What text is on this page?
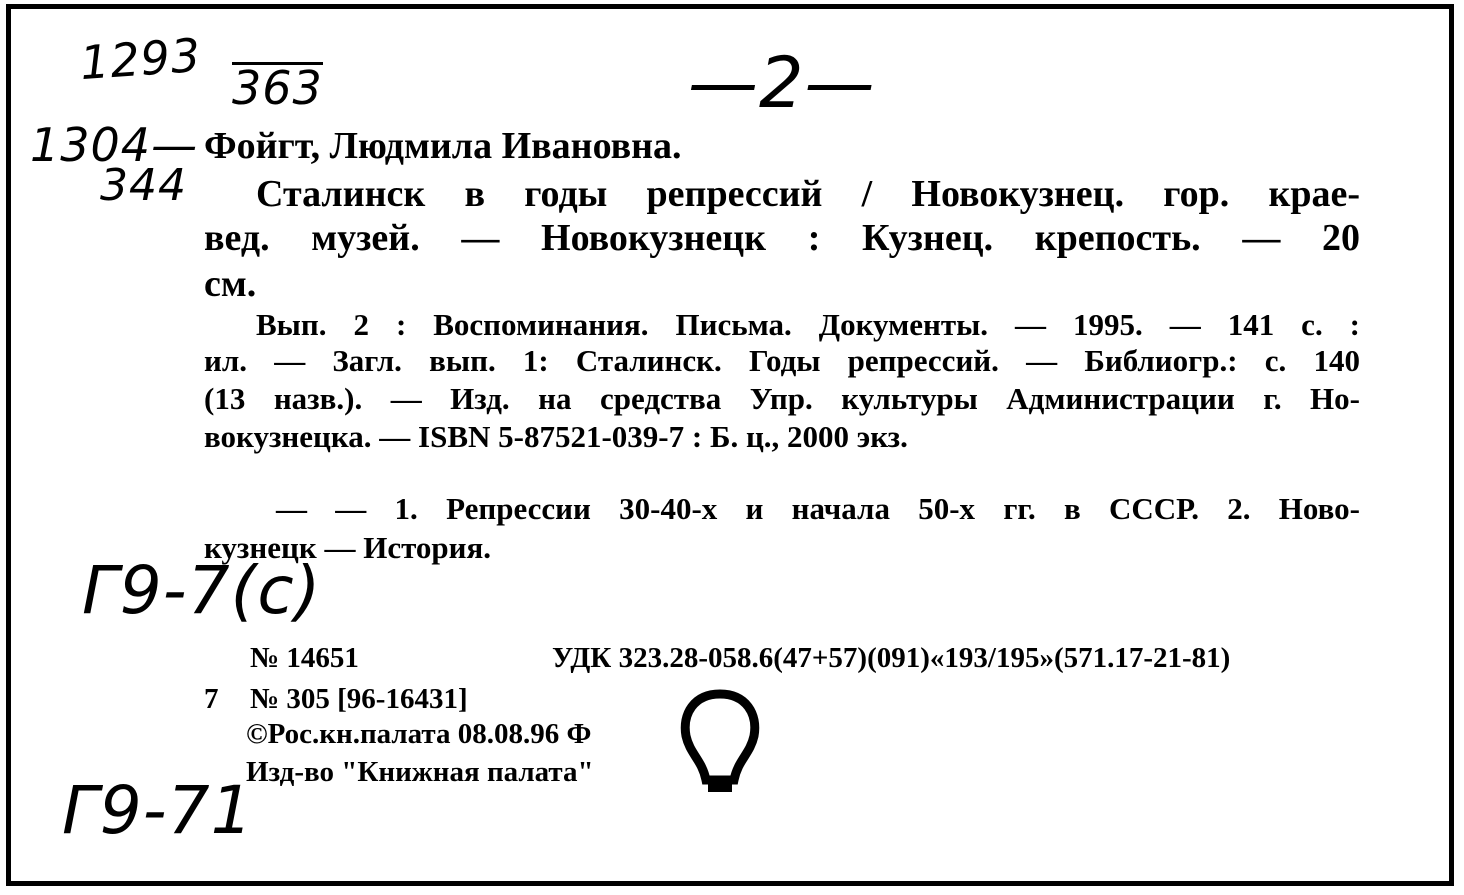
1293 363	—2—
1304—
344
Г9-7(с)
Г9-71
Фойгт, Людмила Ивановна.
Сталинск в годы репрессий / Новокузнец. гор. крае-
вед. музей. — Новокузнецк : Кузнец. крепость. — 20
см.
Вып. 2 : Воспоминания. Письма. Документы. — 1995. — 141 с. :
ил. — Загл. вып. 1: Сталинск. Годы репрессий. — Библиогр.: с. 140
(13 назв.). — Изд. на средства Упр. культуры Администрации г. Но-
вокузнецка. — ISBN 5-87521-039-7 : Б. ц., 2000 экз.
— — 1. Репрессии 30-40-х и начала 50-х гг. в СССР. 2. Ново-
кузнецк — История.
№ 14651	УДК 323.28-058.6(47+57)(091)«193/195»(571.17-21-81)
7 № 305 [96-16431]
©Рос.кн.палата 08.08.96 Ф
Изд-во "Книжная палата"
